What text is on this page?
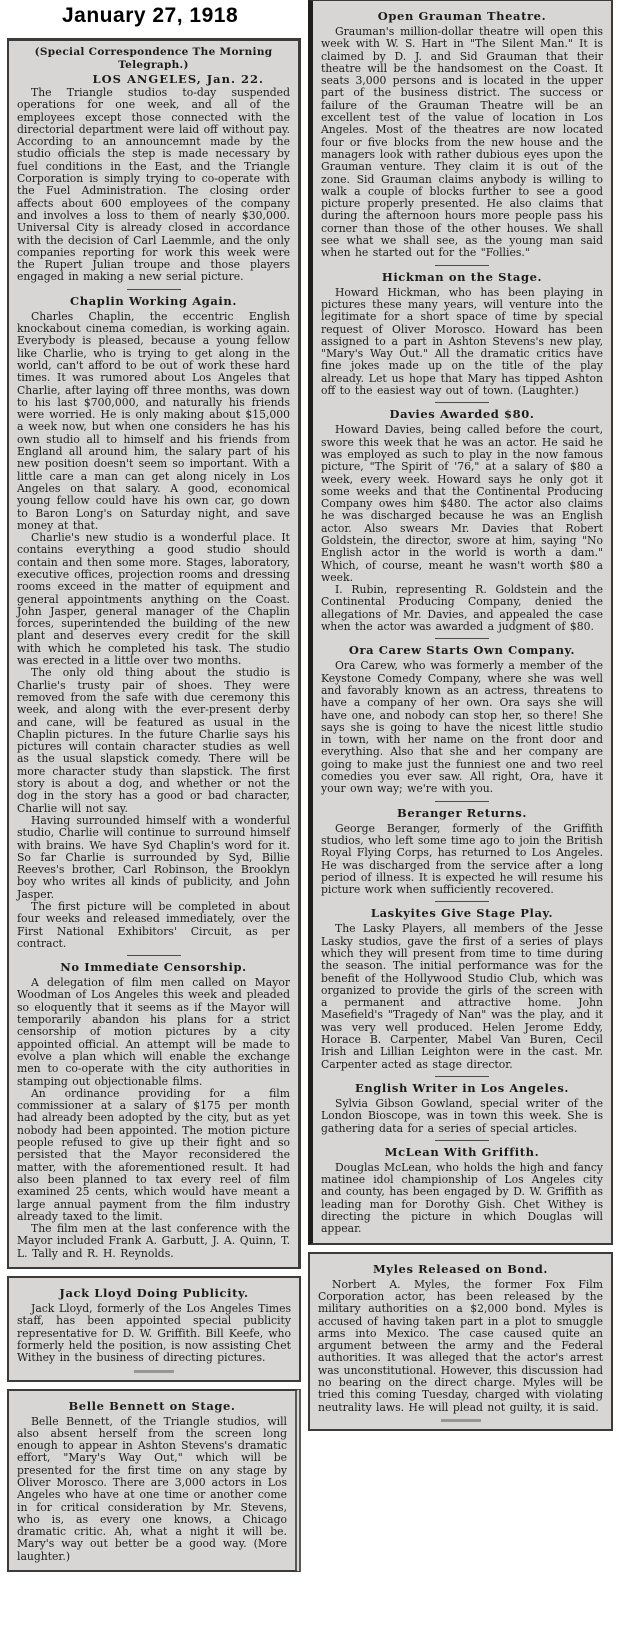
January 27, 1918
(Special Correspondence The Morning Telegraph.)
LOS ANGELES, Jan. 22.

The Triangle studios to-day suspended operations for one week, and all of the employees except those connected with the directorial department were laid off without pay. According to an announcemnt made by the studio officials the step is made necessary by fuel conditions in the East, and the Triangle Corporation is simply trying to co-operate with the Fuel Administration. The closing order affects about 600 employees of the company and involves a loss to them of nearly $30,000. Universal City is already closed in accordance with the decision of Carl Laemmle, and the only companies reporting for work this week were the Rupert Julian troupe and those players engaged in making a new serial picture.

Chaplin Working Again.

Charles Chaplin, the eccentric English knockabout cinema comedian, is working again. Everybody is pleased, because a young fellow like Charlie, who is trying to get along in the world, can't afford to be out of work these hard times. It was rumored about Los Angeles that Charlie, after laying off three months, was down to his last $700,000, and naturally his friends were worried. He is only making about $15,000 a week now, but when one considers he has his own studio all to himself and his friends from England all around him, the salary part of his new position doesn't seem so important. With a little care a man can get along nicely in Los Angeles on that salary. A good, economical young fellow could have his own car, go down to Baron Long's on Saturday night, and save money at that.

Charlie's new studio is a wonderful place. It contains everything a good studio should contain and then some more. Stages, laboratory, executive offices, projection rooms and dressing rooms exceed in the matter of equipment and general appointments anything on the Coast. John Jasper, general manager of the Chaplin forces, superintended the building of the new plant and deserves every credit for the skill with which he completed his task. The studio was erected in a little over two months.

The only old thing about the studio is Charlie's trusty pair of shoes. They were removed from the safe with due ceremony this week, and along with the ever-present derby and cane, will be featured as usual in the Chaplin pictures. In the future Charlie says his pictures will contain character studies as well as the usual slapstick comedy. There will be more character study than slapstick. The first story is about a dog, and whether or not the dog in the story has a good or bad character, Charlie will not say.

Having surrounded himself with a wonderful studio, Charlie will continue to surround himself with brains. We have Syd Chaplin's word for it. So far Charlie is surrounded by Syd, Billie Reeves's brother, Carl Robinson, the Brooklyn boy who writes all kinds of publicity, and John Jasper.

The first picture will be completed in about four weeks and released immediately, over the First National Exhibitors' Circuit, as per contract.

No Immediate Censorship.

A delegation of film men called on Mayor Woodman of Los Angeles this week and pleaded so eloquently that it seems as if the Mayor will temporarily abandon his plans for a strict censorship of motion pictures by a city appointed official. An attempt will be made to evolve a plan which will enable the exchange men to co-operate with the city authorities in stamping out objectionable films.

An ordinance providing for a film commissioner at a salary of $175 per month had already been adopted by the city, but as yet nobody had been appointed. The motion picture people refused to give up their fight and so persisted that the Mayor reconsidered the matter, with the aforementioned result. It had also been planned to tax every reel of film examined 25 cents, which would have meant a large annual payment from the film industry already taxed to the limit.

The film men at the last conference with the Mayor included Frank A. Garbutt, J. A. Quinn, T. L. Tally and R. H. Reynolds.

Jack Lloyd Doing Publicity.

Jack Lloyd, formerly of the Los Angeles Times staff, has been appointed special publicity representative for D. W. Griffith. Bill Keefe, who formerly held the position, is now assisting Chet Withey in the business of directing pictures.

Belle Bennett on Stage.

Belle Bennett, of the Triangle studios, will also absent herself from the screen long enough to appear in Ashton Stevens's dramatic effort, "Mary's Way Out," which will be presented for the first time on any stage by Oliver Morosco. There are 3,000 actors in Los Angeles who have at one time or another come in for critical consideration by Mr. Stevens, who is, as every one knows, a Chicago dramatic critic. Ah, what a night it will be. Mary's way out better be a good way. (More laughter.)

Open Grauman Theatre.

Grauman's million-dollar theatre will open this week with W. S. Hart in "The Silent Man." It is claimed by D. J. and Sid Grauman that their theatre will be the handsomest on the Coast. It seats 3,000 persons and is located in the upper part of the business district. The success or failure of the Grauman Theatre will be an excellent test of the value of location in Los Angeles. Most of the theatres are now located four or five blocks from the new house and the managers look with rather dubious eyes upon the Grauman venture. They claim it is out of the zone. Sid Grauman claims anybody is willing to walk a couple of blocks further to see a good picture properly presented. He also claims that during the afternoon hours more people pass his corner than those of the other houses. We shall see what we shall see, as the young man said when he started out for the "Follies."

Hickman on the Stage.

Howard Hickman, who has been playing in pictures these many years, will venture into the legitimate for a short space of time by special request of Oliver Morosco. Howard has been assigned to a part in Ashton Stevens's new play, "Mary's Way Out." All the dramatic critics have fine jokes made up on the title of the play already. Let us hope that Mary has tipped Ashton off to the easiest way out of town. (Laughter.)

Davies Awarded $80.

Howard Davies, being called before the court, swore this week that he was an actor. He said he was employed as such to play in the now famous picture, "The Spirit of '76," at a salary of $80 a week, every week. Howard says he only got it some weeks and that the Continental Producing Company owes him $480. The actor also claims he was discharged because he was an English actor. Also swears Mr. Davies that Robert Goldstein, the director, swore at him, saying "No English actor in the world is worth a dam." Which, of course, meant he wasn't worth $80 a week.

I. Rubin, representing R. Goldstein and the Continental Producing Company, denied the allegations of Mr. Davies, and appealed the case when the actor was awarded a judgment of $80.

Ora Carew Starts Own Company.

Ora Carew, who was formerly a member of the Keystone Comedy Company, where she was well and favorably known as an actress, threatens to have a company of her own. Ora says she will have one, and nobody can stop her, so there! She says she is going to have the nicest little studio in town, with her name on the front door and everything. Also that she and her company are going to make just the funniest one and two reel comedies you ever saw. All right, Ora, have it your own way; we're with you.

Beranger Returns.

George Beranger, formerly of the Griffith studios, who left some time ago to join the British Royal Flying Corps, has returned to Los Angeles. He was discharged from the service after a long period of illness. It is expected he will resume his picture work when sufficiently recovered.

Laskyites Give Stage Play.

The Lasky Players, all members of the Jesse Lasky studios, gave the first of a series of plays which they will present from time to time during the season. The initial performance was for the benefit of the Hollywood Studio Club, which was organized to provide the girls of the screen with a permanent and attractive home. John Masefield's "Tragedy of Nan" was the play, and it was very well produced. Helen Jerome Eddy, Horace B. Carpenter, Mabel Van Buren, Cecil Irish and Lillian Leighton were in the cast. Mr. Carpenter acted as stage director.

English Writer in Los Angeles.

Sylvia Gibson Gowland, special writer of the London Bioscope, was in town this week. She is gathering data for a series of special articles.

McLean With Griffith.

Douglas McLean, who holds the high and fancy matinee idol championship of Los Angeles city and county, has been engaged by D. W. Griffith as leading man for Dorothy Gish. Chet Withey is directing the picture in which Douglas will appear.

Myles Released on Bond.

Norbert A. Myles, the former Fox Film Corporation actor, has been released by the military authorities on a $2,000 bond. Myles is accused of having taken part in a plot to smuggle arms into Mexico. The case caused quite an argument between the army and the Federal authorities. It was alleged that the actor's arrest was unconstitutional. However, this discussion had no bearing on the direct charge. Myles will be tried this coming Tuesday, charged with violating neutrality laws. He will plead not guilty, it is said.
